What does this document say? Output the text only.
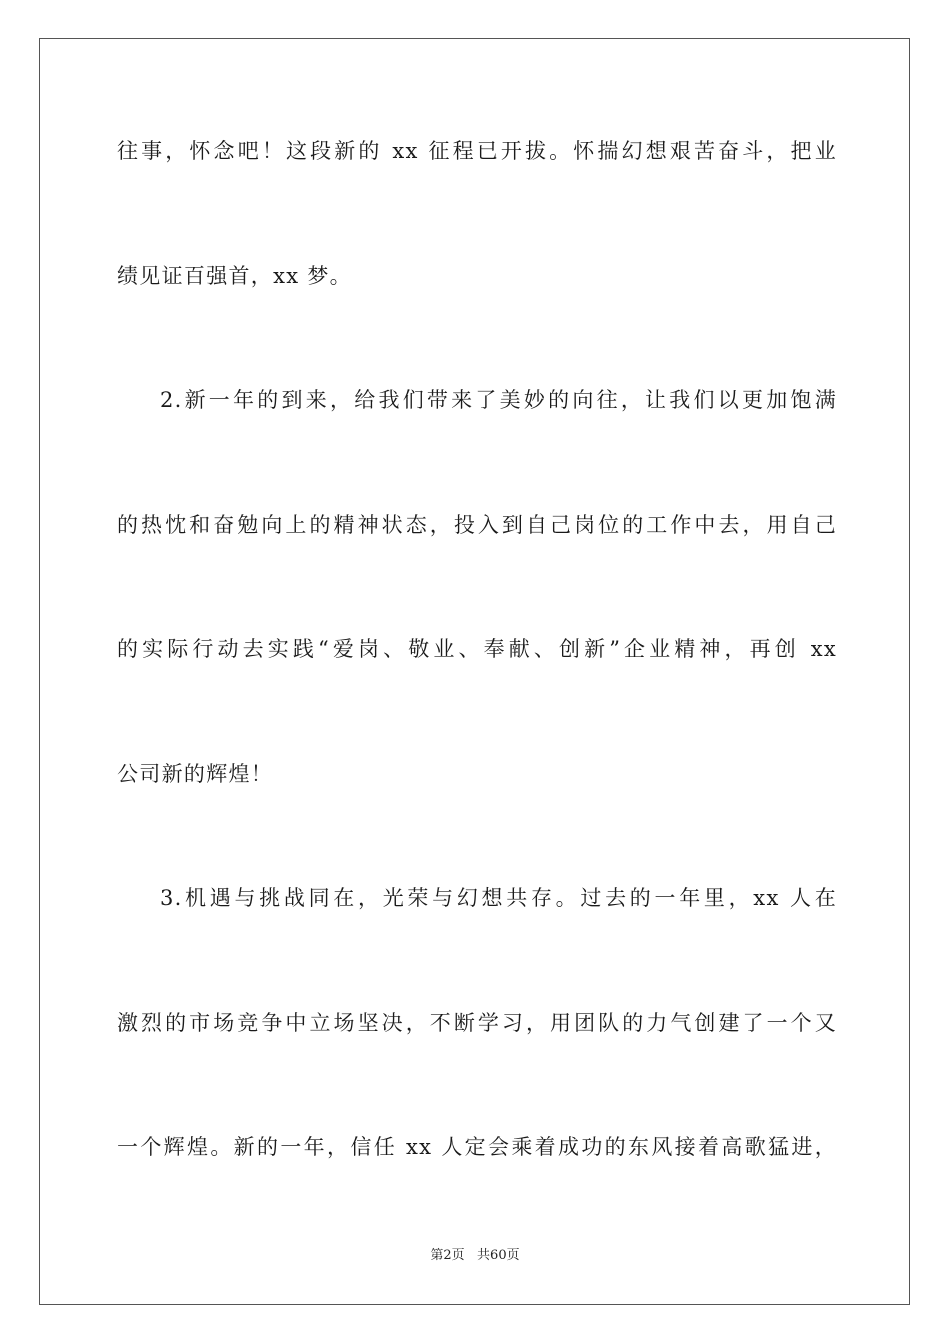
往事，怀念吧！这段新的 xx 征程已开拔。怀揣幻想艰苦奋斗，把业
绩见证百强首，xx 梦。
2.新一年的到来，给我们带来了美妙的向往，让我们以更加饱满
的热忱和奋勉向上的精神状态，投入到自己岗位的工作中去，用自己
的实际行动去实践“爱岗、敬业、奉献、创新”企业精神，再创 xx
公司新的辉煌！
3.机遇与挑战同在，光荣与幻想共存。过去的一年里，xx 人在
激烈的市场竞争中立场坚决，不断学习，用团队的力气创建了一个又
一个辉煌。新的一年，信任 xx 人定会乘着成功的东风接着高歌猛进，
第2页   共60页
